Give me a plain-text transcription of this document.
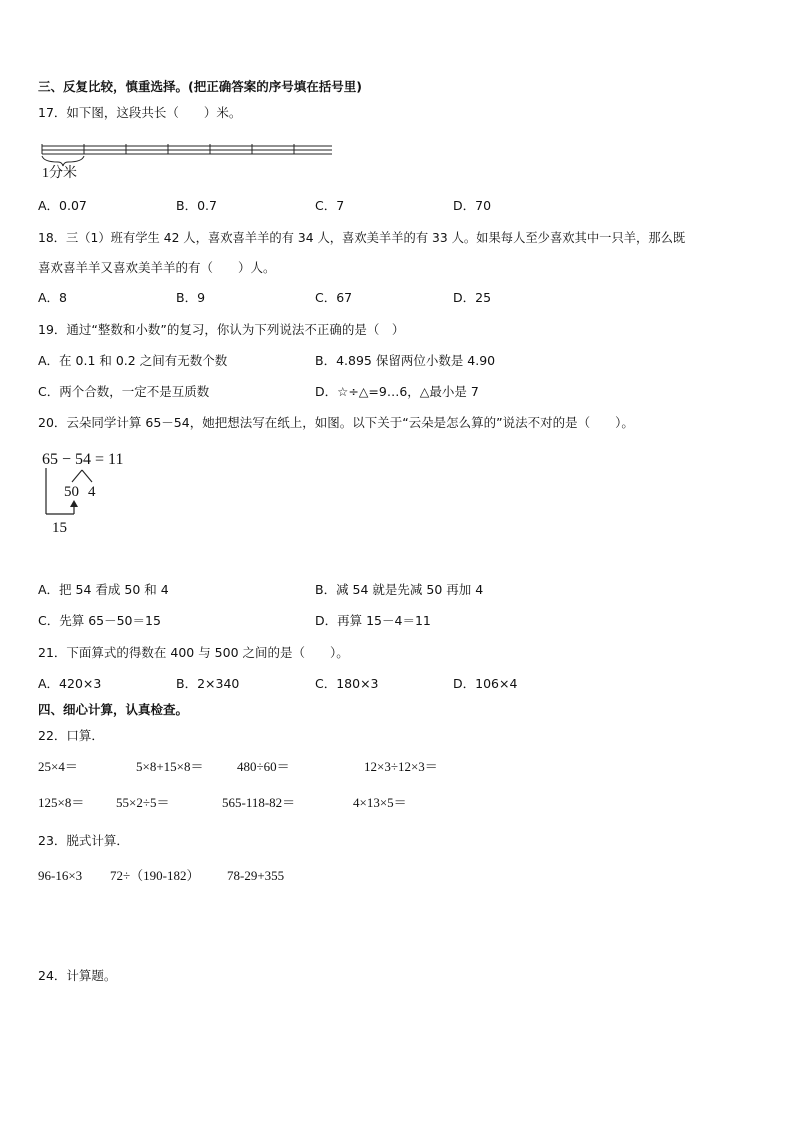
三、反复比较，慎重选择。(把正确答案的序号填在括号里)
17．如下图，这段共长（　　）米。
1分米
A．0.07	B．0.7	C．7	D．70
18．三（1）班有学生 42 人，喜欢喜羊羊的有 34 人，喜欢美羊羊的有 33 人。如果每人至少喜欢其中一只羊，那么既
喜欢喜羊羊又喜欢美羊羊的有（　　）人。
A．8	B．9	C．67	D．25
19．通过“整数和小数”的复习，你认为下列说法不正确的是（　）
A．在 0.1 和 0.2 之间有无数个数	B．4.895 保留两位小数是 4.90
C．两个合数，一定不是互质数	D．☆÷△=9…6，△最小是 7
20．云朵同学计算 65－54，她把想法写在纸上，如图。以下关于“云朵是怎么算的”说法不对的是（　　）。
65 − 54 = 11
50 4
15
A．把 54 看成 50 和 4	B．减 54 就是先减 50 再加 4
C．先算 65－50＝15	D．再算 15－4＝11
21．下面算式的得数在 400 与 500 之间的是（　　）。
A．420×3	B．2×340	C．180×3	D．106×4
四、细心计算，认真检查。
22．口算．
25×4＝	5×8+15×8＝	480÷60＝	12×3÷12×3＝
125×8＝ 55×2÷5＝	565-118-82＝	4×13×5＝
23．脱式计算．
96-16×3 72÷（190-182） 78-29+355
24．计算题。
